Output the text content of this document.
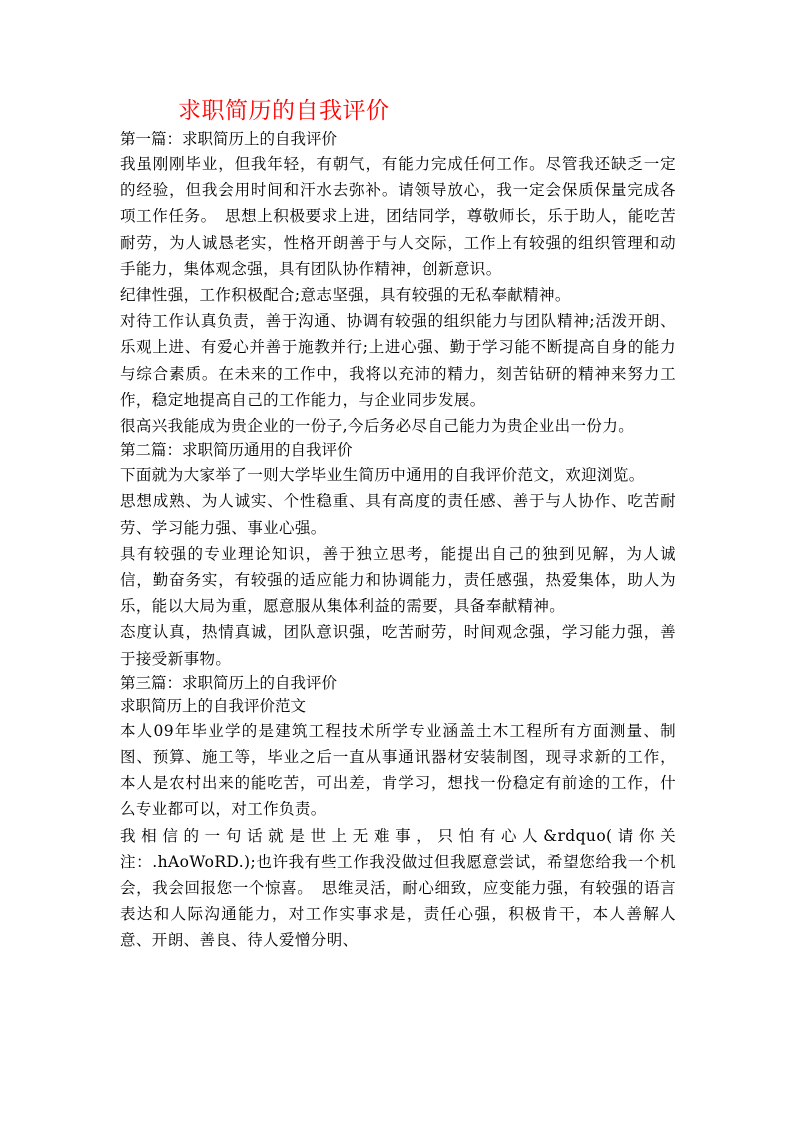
求职简历的自我评价

第一篇：求职简历上的自我评价

我虽刚刚毕业，但我年轻，有朝气，有能力完成任何工作。尽管我还缺乏一定的经验，但我会用时间和汗水去弥补。请领导放心，我一定会保质保量完成各项工作任务。　思想上积极要求上进，团结同学，尊敬师长，乐于助人，能吃苦耐劳，为人诚恳老实，性格开朗善于与人交际，工作上有较强的组织管理和动手能力，集体观念强，具有团队协作精神，创新意识。

纪律性强，工作积极配合;意志坚强，具有较强的无私奉献精神。

对待工作认真负责，善于沟通、协调有较强的组织能力与团队精神;活泼开朗、乐观上进、有爱心并善于施教并行;上进心强、勤于学习能不断提高自身的能力与综合素质。在未来的工作中，我将以充沛的精力，刻苦钻研的精神来努力工作，稳定地提高自己的工作能力，与企业同步发展。

很高兴我能成为贵企业的一份子,今后务必尽自己能力为贵企业出一份力。

第二篇：求职简历通用的自我评价

下面就为大家举了一则大学毕业生简历中通用的自我评价范文，欢迎浏览。

思想成熟、为人诚实、个性稳重、具有高度的责任感、善于与人协作、吃苦耐劳、学习能力强、事业心强。

具有较强的专业理论知识，善于独立思考，能提出自己的独到见解，为人诚信，勤奋务实，有较强的适应能力和协调能力，责任感强，热爱集体，助人为乐，能以大局为重，愿意服从集体利益的需要，具备奉献精神。

态度认真，热情真诚，团队意识强，吃苦耐劳，时间观念强，学习能力强，善于接受新事物。

第三篇：求职简历上的自我评价

求职简历上的自我评价范文

本人09年毕业学的是建筑工程技术所学专业涵盖土木工程所有方面测量、制图、预算、施工等，毕业之后一直从事通讯器材安装制图，现寻求新的工作，本人是农村出来的能吃苦，可出差，肯学习，想找一份稳定有前途的工作，什么专业都可以，对工作负责。

我相信的一句话就是世上无难事，只怕有心人&rdquo(请你关注：.hAoWoRD.);也许我有些工作我没做过但我愿意尝试，希望您给我一个机会，我会回报您一个惊喜。　思维灵活，耐心细致，应变能力强，有较强的语言表达和人际沟通能力，对工作实事求是，责任心强，积极肯干，本人善解人意、开朗、善良、待人爱憎分明、
